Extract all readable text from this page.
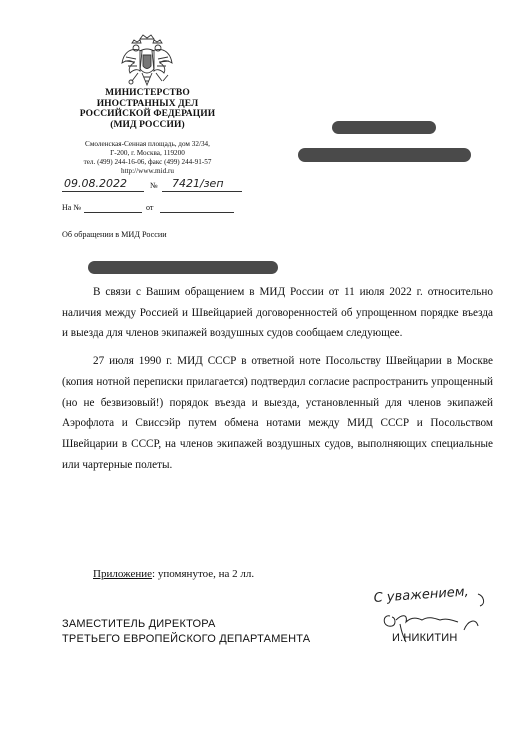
МИНИСТЕРСТВО
ИНОСТРАННЫХ ДЕЛ
РОССИЙСКОЙ ФЕДЕРАЦИИ
(МИД РОССИИ)
Смоленская-Сенная площадь, дом 32/34,
Г-200, г. Москва, 119200
тел. (499) 244-16-06, факс (499) 244-91-57
http://www.mid.ru
09.08.2022	№ 7421/зеп
На №	от
Об обращении в МИД России

В связи с Вашим обращением в МИД России от 11 июля 2022 г. относительно наличия между Россией и Швейцарией договоренностей об упрощенном порядке въезда и выезда для членов экипажей воздушных судов сообщаем следующее.

27 июля 1990 г. МИД СССР в ответной ноте Посольству Швейцарии в Москве (копия нотной переписки прилагается) подтвердил согласие распространить упрощенный (но не безвизовый!) порядок въезда и выезда, установленный для членов экипажей Аэрофлота и Свиссэйр путем обмена нотами между МИД СССР и Посольством Швейцарии в СССР, на членов экипажей воздушных судов, выполняющих специальные или чартерные полеты.

Приложение: упомянутое, на 2 лл.
ЗАМЕСТИТЕЛЬ ДИРЕКТОРА
ТРЕТЬЕГО ЕВРОПЕЙСКОГО ДЕПАРТАМЕНТА
С уважением,
И.НИКИТИН
